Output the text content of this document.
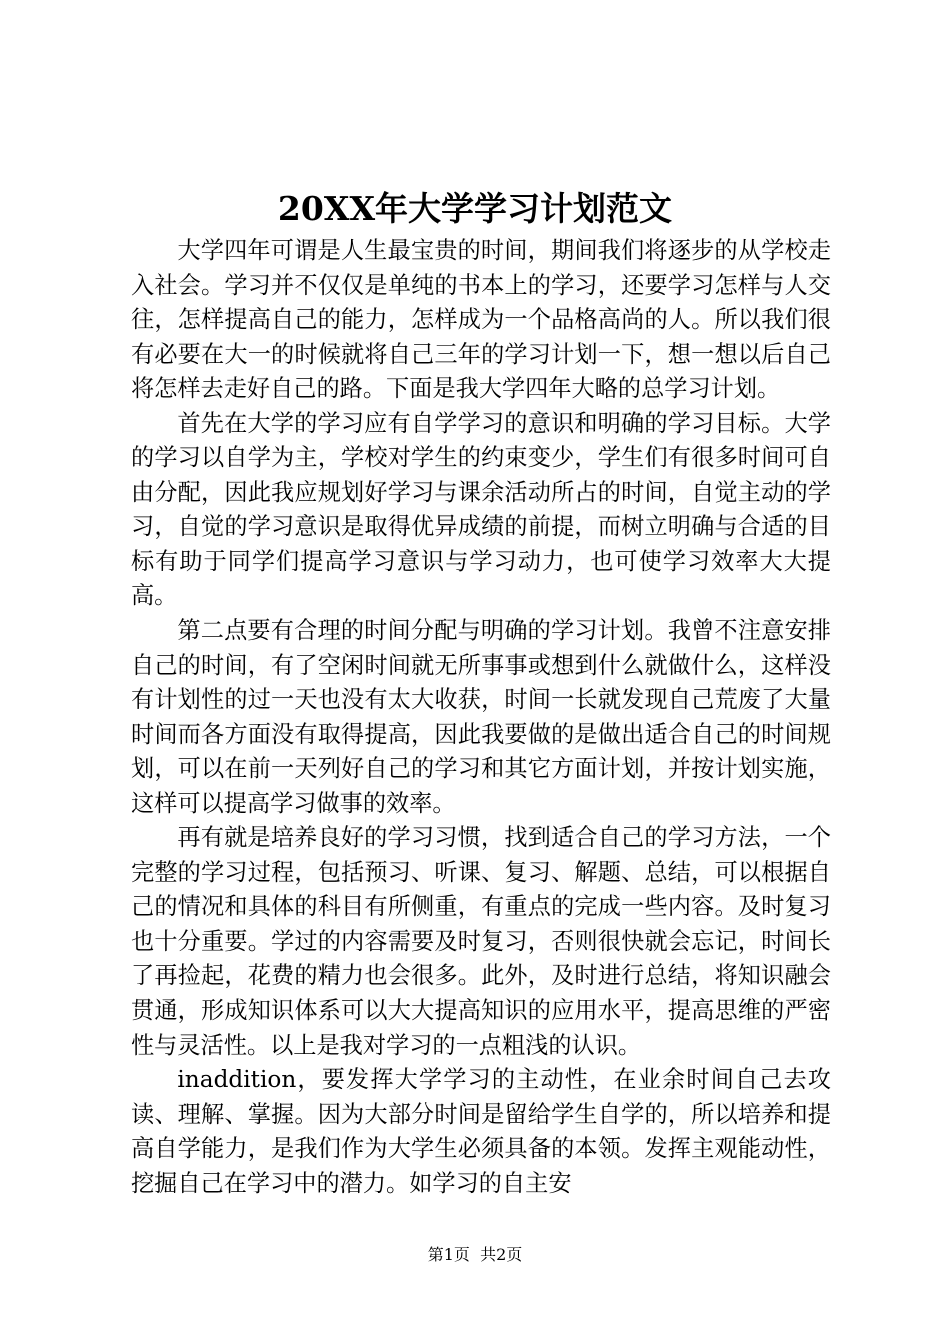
20XX年大学学习计划范文

大学四年可谓是人生最宝贵的时间，期间我们将逐步的从学校走入社会。学习并不仅仅是单纯的书本上的学习，还要学习怎样与人交往，怎样提高自己的能力，怎样成为一个品格高尚的人。所以我们很有必要在大一的时候就将自己三年的学习计划一下，想一想以后自己将怎样去走好自己的路。下面是我大学四年大略的总学习计划。

首先在大学的学习应有自学学习的意识和明确的学习目标。大学的学习以自学为主，学校对学生的约束变少，学生们有很多时间可自由分配，因此我应规划好学习与课余活动所占的时间，自觉主动的学习，自觉的学习意识是取得优异成绩的前提，而树立明确与合适的目标有助于同学们提高学习意识与学习动力，也可使学习效率大大提高。

第二点要有合理的时间分配与明确的学习计划。我曾不注意安排自己的时间，有了空闲时间就无所事事或想到什么就做什么，这样没有计划性的过一天也没有太大收获，时间一长就发现自己荒废了大量时间而各方面没有取得提高，因此我要做的是做出适合自己的时间规划，可以在前一天列好自己的学习和其它方面计划，并按计划实施，这样可以提高学习做事的效率。

再有就是培养良好的学习习惯，找到适合自己的学习方法，一个完整的学习过程，包括预习、听课、复习、解题、总结，可以根据自己的情况和具体的科目有所侧重，有重点的完成一些内容。及时复习也十分重要。学过的内容需要及时复习，否则很快就会忘记，时间长了再捡起，花费的精力也会很多。此外，及时进行总结，将知识融会贯通，形成知识体系可以大大提高知识的应用水平，提高思维的严密性与灵活性。以上是我对学习的一点粗浅的认识。

inaddition，要发挥大学学习的主动性，在业余时间自己去攻读、理解、掌握。因为大部分时间是留给学生自学的，所以培养和提高自学能力，是我们作为大学生必须具备的本领。发挥主观能动性，挖掘自己在学习中的潜力。如学习的自主安

第1页 共2页
